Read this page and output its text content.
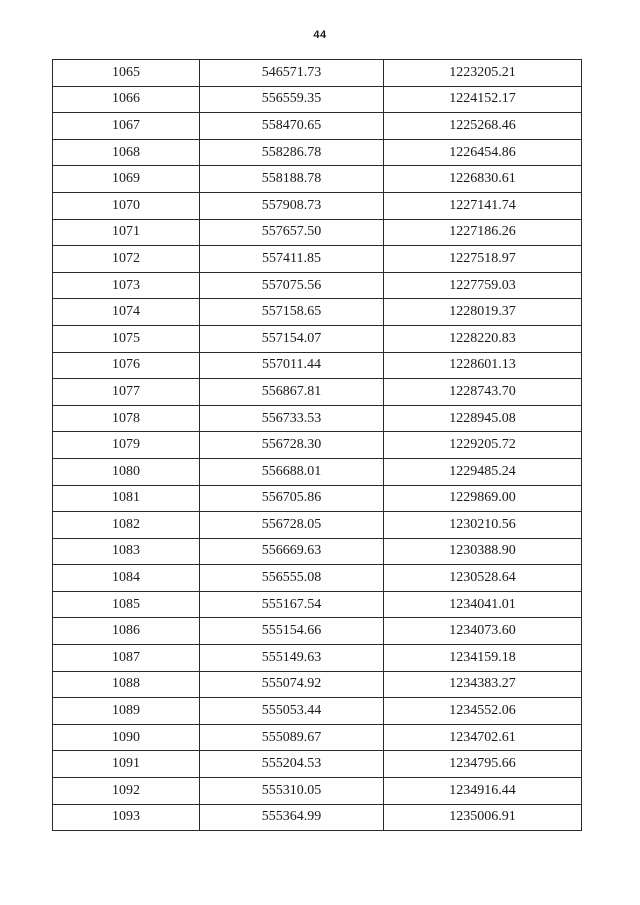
44
1065	546571.73	1223205.21
1066	556559.35	1224152.17
1067	558470.65	1225268.46
1068	558286.78	1226454.86
1069	558188.78	1226830.61
1070	557908.73	1227141.74
1071	557657.50	1227186.26
1072	557411.85	1227518.97
1073	557075.56	1227759.03
1074	557158.65	1228019.37
1075	557154.07	1228220.83
1076	557011.44	1228601.13
1077	556867.81	1228743.70
1078	556733.53	1228945.08
1079	556728.30	1229205.72
1080	556688.01	1229485.24
1081	556705.86	1229869.00
1082	556728.05	1230210.56
1083	556669.63	1230388.90
1084	556555.08	1230528.64
1085	555167.54	1234041.01
1086	555154.66	1234073.60
1087	555149.63	1234159.18
1088	555074.92	1234383.27
1089	555053.44	1234552.06
1090	555089.67	1234702.61
1091	555204.53	1234795.66
1092	555310.05	1234916.44
1093	555364.99	1235006.91
